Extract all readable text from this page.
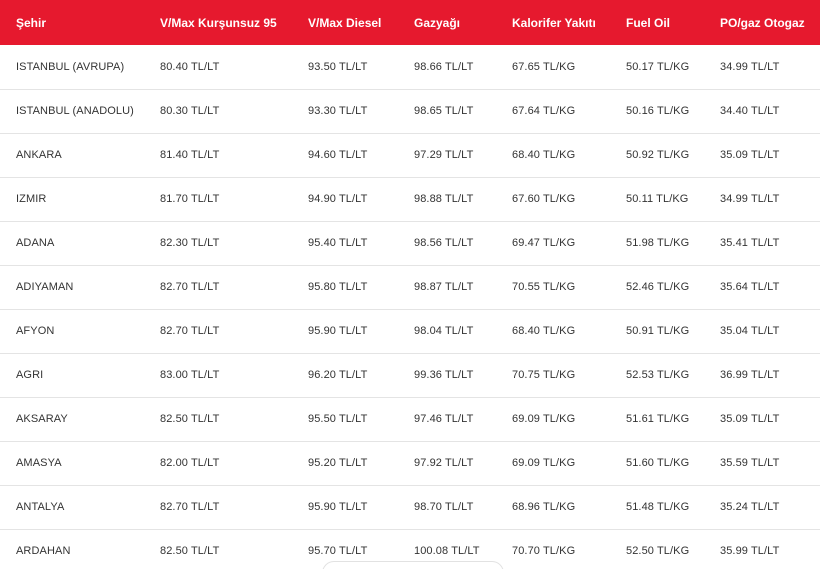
Şehir	V/Max Kurşunsuz 95	V/Max Diesel	Gazyağı	Kalorifer Yakıtı	Fuel Oil	PO/gaz Otogaz
ISTANBUL (AVRUPA)	80.40 TL/LT	93.50 TL/LT	98.66 TL/LT	67.65 TL/KG	50.17 TL/KG	34.99 TL/LT
ISTANBUL (ANADOLU)	80.30 TL/LT	93.30 TL/LT	98.65 TL/LT	67.64 TL/KG	50.16 TL/KG	34.40 TL/LT
ANKARA	81.40 TL/LT	94.60 TL/LT	97.29 TL/LT	68.40 TL/KG	50.92 TL/KG	35.09 TL/LT
IZMIR	81.70 TL/LT	94.90 TL/LT	98.88 TL/LT	67.60 TL/KG	50.11 TL/KG	34.99 TL/LT
ADANA	82.30 TL/LT	95.40 TL/LT	98.56 TL/LT	69.47 TL/KG	51.98 TL/KG	35.41 TL/LT
ADIYAMAN	82.70 TL/LT	95.80 TL/LT	98.87 TL/LT	70.55 TL/KG	52.46 TL/KG	35.64 TL/LT
AFYON	82.70 TL/LT	95.90 TL/LT	98.04 TL/LT	68.40 TL/KG	50.91 TL/KG	35.04 TL/LT
AGRI	83.00 TL/LT	96.20 TL/LT	99.36 TL/LT	70.75 TL/KG	52.53 TL/KG	36.99 TL/LT
AKSARAY	82.50 TL/LT	95.50 TL/LT	97.46 TL/LT	69.09 TL/KG	51.61 TL/KG	35.09 TL/LT
AMASYA	82.00 TL/LT	95.20 TL/LT	97.92 TL/LT	69.09 TL/KG	51.60 TL/KG	35.59 TL/LT
ANTALYA	82.70 TL/LT	95.90 TL/LT	98.70 TL/LT	68.96 TL/KG	51.48 TL/KG	35.24 TL/LT
ARDAHAN	82.50 TL/LT	95.70 TL/LT	100.08 TL/LT	70.70 TL/KG	52.50 TL/KG	35.99 TL/LT
